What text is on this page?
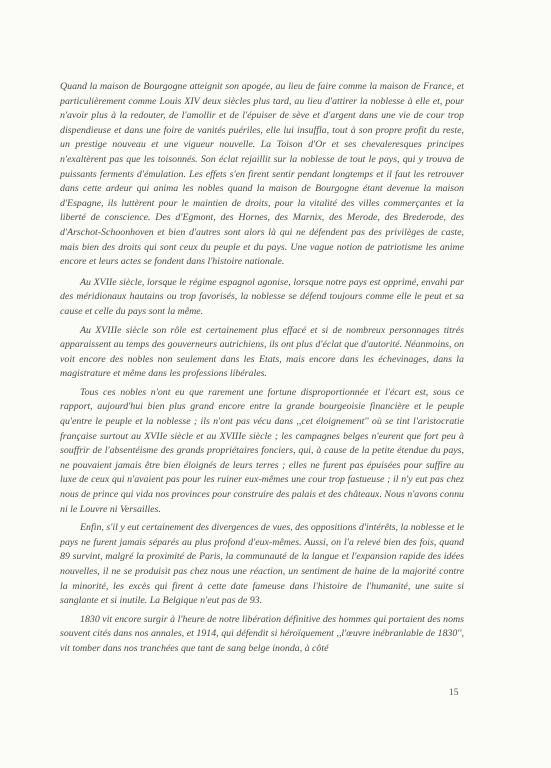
Quand la maison de Bourgogne atteignit son apogée, au lieu de faire comme la maison de France, et particulièrement comme Louis XIV deux siècles plus tard, au lieu d'attirer la noblesse à elle et, pour n'avoir plus à la redouter, de l'amollir et de l'épuiser de sève et d'argent dans une vie de cour trop dispendieuse et dans une foire de vanités puériles, elle lui insuffla, tout à son propre profit du reste, un prestige nouveau et une vigueur nouvelle. La Toison d'Or et ses chevaleresques principes n'exaltèrent pas que les toisonnés. Son éclat rejaillit sur la noblesse de tout le pays, qui y trouva de puissants ferments d'émulation. Les effets s'en firent sentir pendant longtemps et il faut les retrouver dans cette ardeur qui anima les nobles quand la maison de Bourgogne étant devenue la maison d'Espagne, ils luttèrent pour le maintien de droits, pour la vitalité des villes commerçantes et la liberté de conscience. Des d'Egmont, des Hornes, des Marnix, des Merode, des Brederode, des d'Arschot-Schoonhoven et bien d'autres sont alors là qui ne défendent pas des privilèges de caste, mais bien des droits qui sont ceux du peuple et du pays. Une vague notion de patriotisme les anime encore et leurs actes se fondent dans l'histoire nationale.

Au XVIIe siècle, lorsque le régime espagnol agonise, lorsque notre pays est opprimé, envahi par des méridionaux hautains ou trop favorisés, la noblesse se défend toujours comme elle le peut et sa cause et celle du pays sont la même.

Au XVIIIe siècle son rôle est certainement plus effacé et si de nombreux personnages titrés apparaissent au temps des gouverneurs autrichiens, ils ont plus d'éclat que d'autorité. Néanmoins, on voit encore des nobles non seulement dans les Etats, mais encore dans les échevinages, dans la magistrature et même dans les professions libérales.

Tous ces nobles n'ont eu que rarement une fortune disproportionnée et l'écart est, sous ce rapport, aujourd'hui bien plus grand encore entre la grande bourgeoisie financière et le peuple qu'entre le peuple et la noblesse ; ils n'ont pas vécu dans ,,cet éloignement'' où se tint l'aristocratie française surtout au XVIIe siècle et au XVIIIe siècle ; les campagnes belges n'eurent que fort peu à souffrir de l'absentéisme des grands propriétaires fonciers, qui, à cause de la petite étendue du pays, ne pouvaient jamais être bien éloignés de leurs terres ; elles ne furent pas épuisées pour suffire au luxe de ceux qui n'avaient pas pour les ruiner eux-mêmes une cour trop fastueuse ; il n'y eut pas chez nous de prince qui vida nos provinces pour construire des palais et des châteaux. Nous n'avons connu ni le Louvre ni Versailles.

Enfin, s'il y eut certainement des divergences de vues, des oppositions d'intérêts, la noblesse et le pays ne furent jamais séparés au plus profond d'eux-mêmes. Aussi, on l'a relevé bien des fois, quand 89 survint, malgré la proximité de Paris, la communauté de la langue et l'expansion rapide des idées nouvelles, il ne se produisit pas chez nous une réaction, un sentiment de haine de la majorité contre la minorité, les excès qui firent à cette date fameuse dans l'histoire de l'humanité, une suite si sanglante et si inutile. La Belgique n'eut pas de 93.

1830 vit encore surgir à l'heure de notre libération définitive des hommes qui portaient des noms souvent cités dans nos annales, et 1914, qui défendit si héroïquement ,,l'œuvre inébranlable de 1830'', vit tomber dans nos tranchées que tant de sang belge inonda, à côté

15
